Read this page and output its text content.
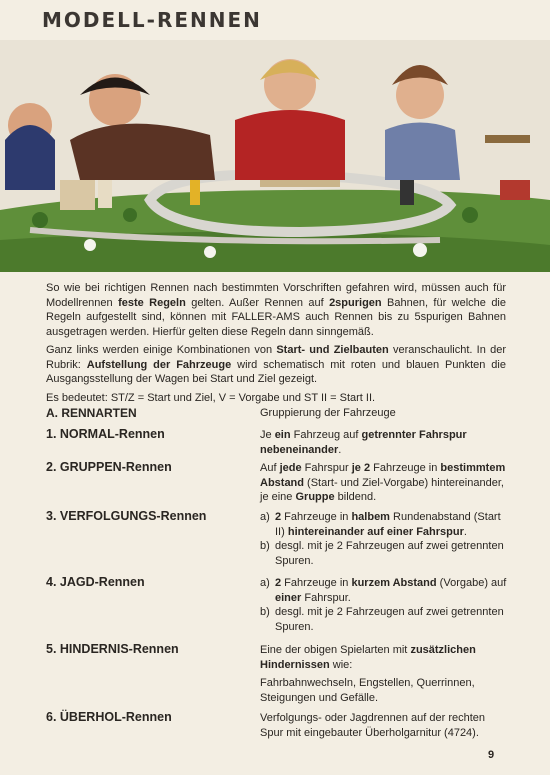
MODELL-RENNEN

So wie bei richtigen Rennen nach bestimmten Vorschriften gefahren wird, müssen auch für Modellrennen feste Regeln gelten. Außer Rennen auf 2spurigen Bahnen, für welche die Regeln aufgestellt sind, können mit FALLER-AMS auch Rennen bis zu 5spurigen Bahnen ausgetragen werden. Hierfür gelten diese Regeln dann sinngemäß.

Ganz links werden einige Kombinationen von Start- und Zielbauten veranschaulicht. In der Rubrik: Aufstellung der Fahrzeuge wird schematisch mit roten und blauen Punkten die Ausgangsstellung der Wagen bei Start und Ziel gezeigt.

Es bedeutet: ST/Z = Start und Ziel, V = Vorgabe und ST II = Start II.

A. RENNARTEN	Gruppierung der Fahrzeuge
1. NORMAL-Rennen	Je ein Fahrzeug auf getrennter Fahrspur nebeneinander.

2. GRUPPEN-Rennen	Auf jede Fahrspur je 2 Fahrzeuge in bestimmtem Abstand (Start- und Ziel-Vorgabe) hintereinander, je eine Gruppe bildend.

3. VERFOLGUNGS-Rennen	a) 2 Fahrzeuge in halbem Rundenabstand (Start II) hintereinander auf einer Fahrspur.
b) desgl. mit je 2 Fahrzeugen auf zwei getrennten Spuren.
4. JAGD-Rennen	a) 2 Fahrzeuge in kurzem Abstand (Vorgabe) auf einer Fahrspur.
b) desgl. mit je 2 Fahrzeugen auf zwei getrennten Spuren.
5. HINDERNIS-Rennen	Eine der obigen Spielarten mit zusätzlichen Hindernissen wie:

Fahrbahnwechseln, Engstellen, Querrinnen, Steigungen und Gefälle.

6. ÜBERHOL-Rennen	Verfolgungs- oder Jagdrennen auf der rechten Spur mit eingebauter Überholgarnitur (4724).

9
